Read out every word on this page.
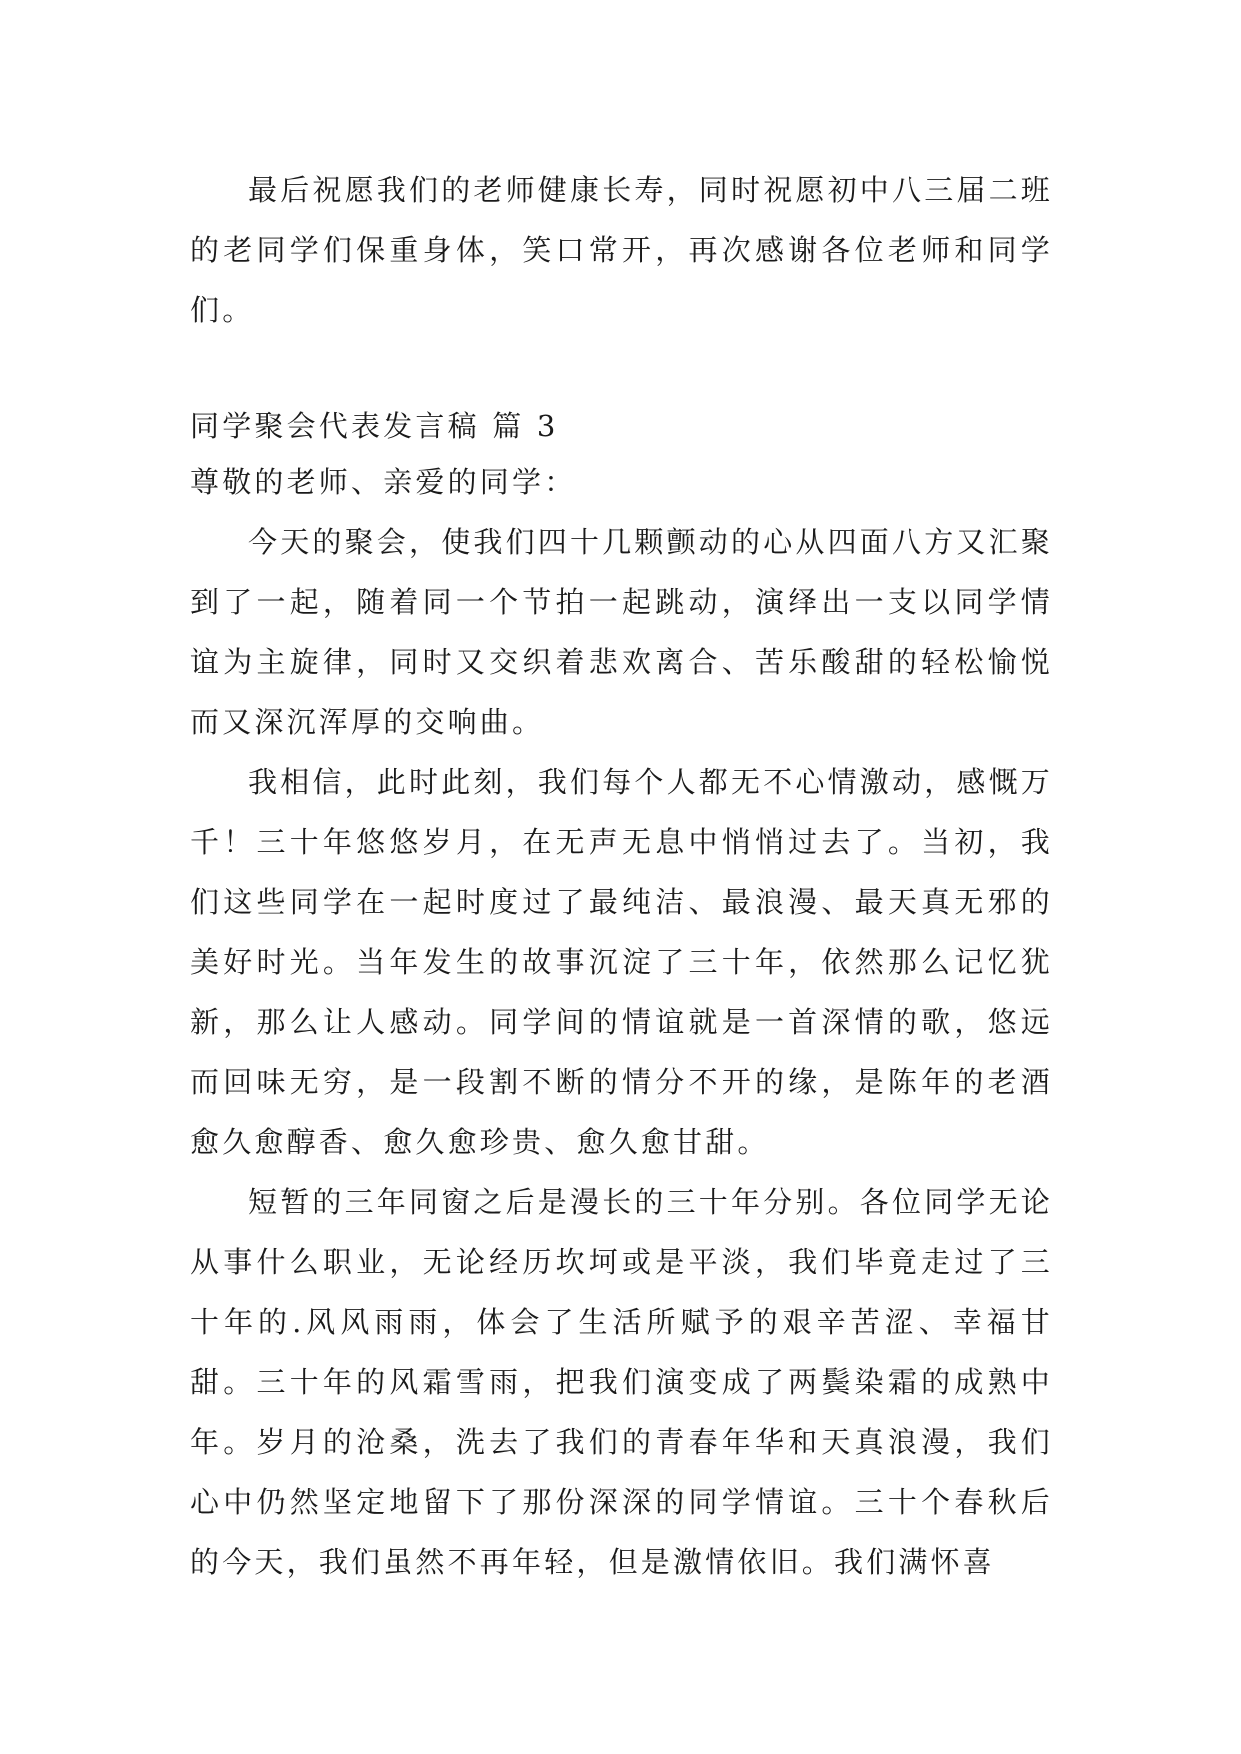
最后祝愿我们的老师健康长寿，同时祝愿初中八三届二班的老同学们保重身体，笑口常开，再次感谢各位老师和同学们。

同学聚会代表发言稿 篇 3

尊敬的老师、亲爱的同学：

今天的聚会，使我们四十几颗颤动的心从四面八方又汇聚到了一起，随着同一个节拍一起跳动，演绎出一支以同学情谊为主旋律，同时又交织着悲欢离合、苦乐酸甜的轻松愉悦而又深沉浑厚的交响曲。

我相信，此时此刻，我们每个人都无不心情激动，感慨万千！三十年悠悠岁月，在无声无息中悄悄过去了。当初，我们这些同学在一起时度过了最纯洁、最浪漫、最天真无邪的美好时光。当年发生的故事沉淀了三十年，依然那么记忆犹新，那么让人感动。同学间的情谊就是一首深情的歌，悠远而回味无穷，是一段割不断的情分不开的缘，是陈年的老酒愈久愈醇香、愈久愈珍贵、愈久愈甘甜。

短暂的三年同窗之后是漫长的三十年分别。各位同学无论从事什么职业，无论经历坎坷或是平淡，我们毕竟走过了三十年的.风风雨雨，体会了生活所赋予的艰辛苦涩、幸福甘甜。三十年的风霜雪雨，把我们演变成了两鬓染霜的成熟中年。岁月的沧桑，洗去了我们的青春年华和天真浪漫，我们心中仍然坚定地留下了那份深深的同学情谊。三十个春秋后的今天，我们虽然不再年轻，但是激情依旧。我们满怀喜
